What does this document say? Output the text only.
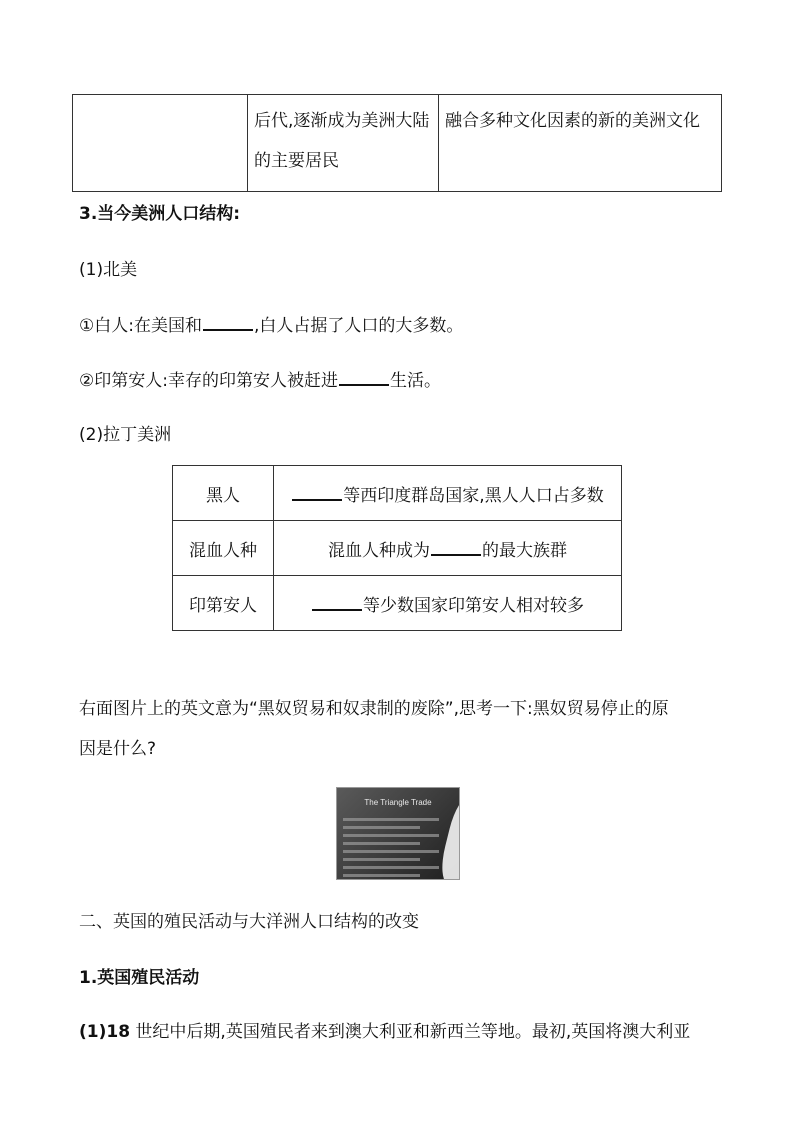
	后代,逐渐成为美洲大陆的主要居民	融合多种文化因素的新的美洲文化
3.当今美洲人口结构:
(1)北美
①白人:在美国和	,白人占据了人口的大多数。
②印第安人:幸存的印第安人被赶进	生活。
(2)拉丁美洲
黑人	等西印度群岛国家,黑人人口占多数
混血人种	混血人种成为 的最大族群
印第安人	等少数国家印第安人相对较多
右面图片上的英文意为“黑奴贸易和奴隶制的废除”,思考一下:黑奴贸易停止的原
因是什么?
The Triangle Trade
二、英国的殖民活动与大洋洲人口结构的改变
1.英国殖民活动
(1)18 世纪中后期,英国殖民者来到澳大利亚和新西兰等地。最初,英国将澳大利亚
